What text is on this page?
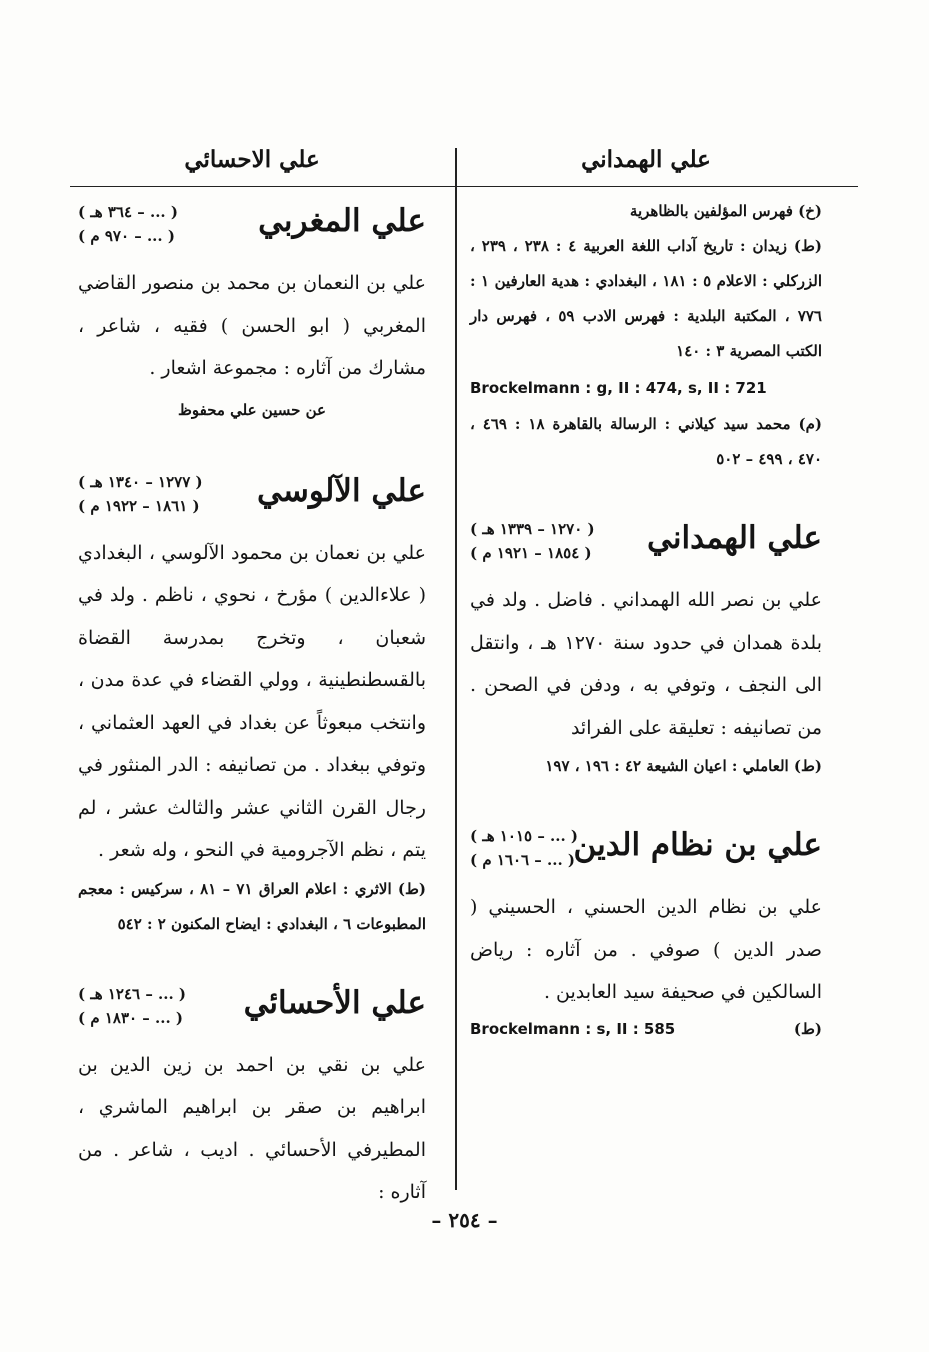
علي الهمداني

(خ) فهرس المؤلفين بالظاهرية

(ط) زيدان : تاريخ آداب اللغة العربية ٤ : ٢٣٨ ، ٢٣٩ ، الزركلي : الاعلام ٥ : ١٨١ ، البغدادي : هدية العارفين ١ : ٧٧٦ ، المكتبة البلدية : فهرس الادب ٥٩ ، فهرس دار الكتب المصرية ٣ : ١٤٠

Brockelmann : g, II : 474, s, II : 721

(م) محمد سيد كيلاني : الرسالة بالقاهرة ١٨ : ٤٦٩ ، ٤٧٠ ، ٤٩٩ – ٥٠٢

علي الهمداني
( ١٢٧٠ – ١٣٣٩ هـ )
( ١٨٥٤ – ١٩٢١ م )

علي بن نصر الله الهمداني . فاضل . ولد في بلدة همدان في حدود سنة ١٢٧٠ هـ ، وانتقل الى النجف ، وتوفي به ، ودفن في الصحن . من تصانيفه : تعليقة على الفرائد

(ط) العاملي : اعيان الشيعة ٤٢ : ١٩٦ ، ١٩٧

علي بن نظام الدين
( ... – ١٠١٥ هـ )
( ... – ١٦٠٦ م )

علي بن نظام الدين الحسني ، الحسيني ( صدر الدين ) صوفي . من آثاره : رياض السالكين في صحيفة سيد العابدين .

(ط)
Brockelmann : s, II : 585
علي الاحسائي
علي المغربي
( ... – ٣٦٤ هـ )
( ... – ٩٧٠ م )

علي بن النعمان بن محمد بن منصور القاضي المغربي ( ابو الحسن ) فقيه ، شاعر ، مشارك من آثاره : مجموعة اشعار .

عن حسين علي محفوظ

علي الآلوسي
( ١٢٧٧ – ١٣٤٠ هـ )
( ١٨٦١ – ١٩٢٢ م )

علي بن نعمان بن محمود الآلوسي ، البغدادي ( علاءالدين ) مؤرخ ، نحوي ، ناظم . ولد في شعبان ، وتخرج بمدرسة القضاة بالقسطنطينية ، وولي القضاء في عدة مدن ، وانتخب مبعوثاً عن بغداد في العهد العثماني ، وتوفي ببغداد . من تصانيفه : الدر المنثور في رجال القرن الثاني عشر والثالث عشر ، لم يتم ، نظم الآجرومية في النحو ، وله شعر .

(ط) الاثري : اعلام العراق ٧١ – ٨١ ، سركيس : معجم المطبوعات ٦ ، البغدادي : ايضاح المكنون ٢ : ٥٤٢

علي الأحسائي
( ... – ١٢٤٦ هـ )
( ... – ١٨٣٠ م )

علي بن نقي بن احمد بن زين الدين بن ابراهيم بن صقر بن ابراهيم الماشري ، المطيرفي الأحسائي . اديب ، شاعر . من آثاره :

– ٢٥٤ –
